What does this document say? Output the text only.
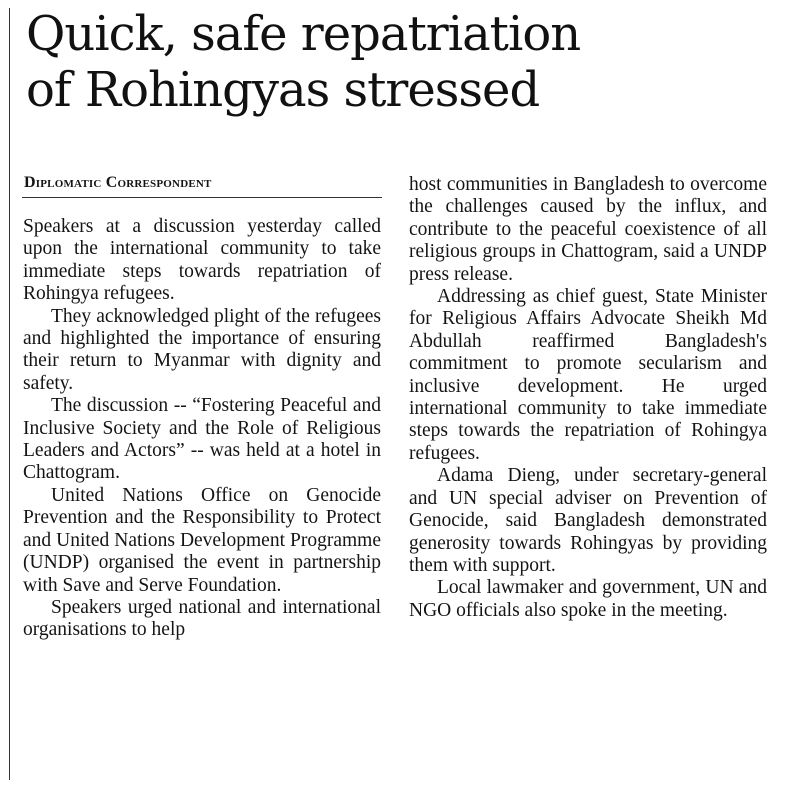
Quick, safe repatriation
of Rohingyas stressed
Diplomatic Correspondent

Speakers at a discussion yesterday called upon the international community to take immediate steps towards repatriation of Rohingya refugees.

They acknowledged plight of the refugees and highlighted the importance of ensuring their return to Myanmar with dignity and safety.

The discussion -- “Fostering Peaceful and Inclusive Society and the Role of Religious Leaders and Actors” -- was held at a hotel in Chattogram.

United Nations Office on Genocide Prevention and the Responsibility to Protect and United Nations Development Programme (UNDP) organised the event in partnership with Save and Serve Foundation.

Speakers urged national and international organisations to help

host communities in Bangladesh to overcome the challenges caused by the influx, and contribute to the peaceful coexistence of all religious groups in Chattogram, said a UNDP press release.

Addressing as chief guest, State Minister for Religious Affairs Advocate Sheikh Md Abdullah reaffirmed Bangladesh's commitment to promote secularism and inclusive development. He urged international community to take immediate steps towards the repatriation of Rohingya refugees.

Adama Dieng, under secretary-general and UN special adviser on Prevention of Genocide, said Bangladesh demonstrated generosity towards Rohingyas by providing them with support.

Local lawmaker and government, UN and NGO officials also spoke in the meeting.
